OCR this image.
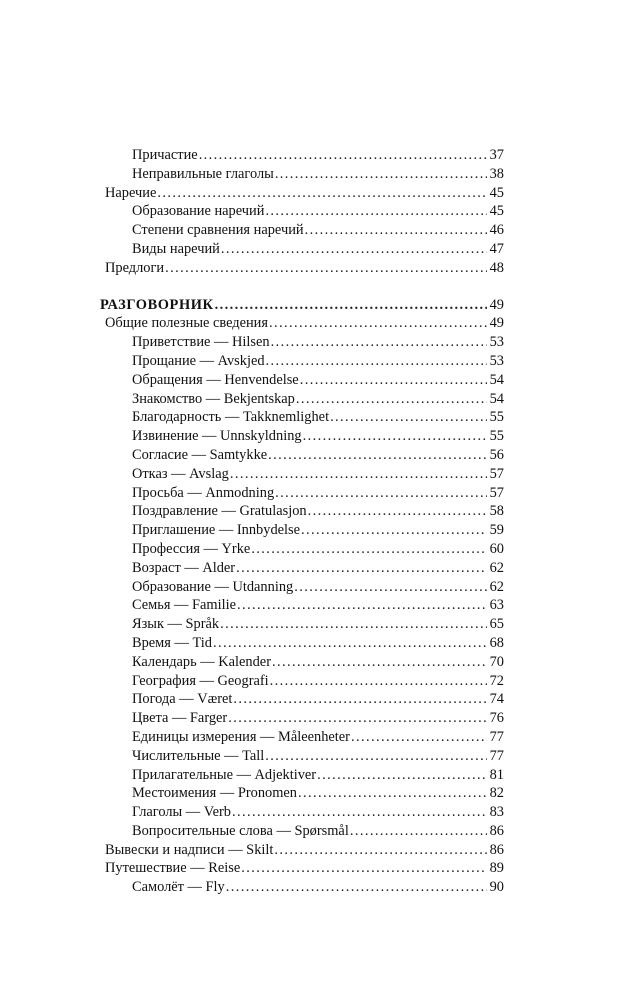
Причастие .....	37
Неправильные глаголы .....	38
Наречие .....	45
Образование наречий .....	45
Степени сравнения наречий .....	46
Виды наречий .....	47
Предлоги .....	48
РАЗГОВОРНИК .....	49
Общие полезные сведения .....	49
Приветствие — Hilsen .....	53
Прощание — Avskjed .....	53
Обращения — Henvendelse .....	54
Знакомство — Bekjentskap .....	54
Благодарность — Takknemlighet .....	55
Извинение — Unnskyldning .....	55
Согласие — Samtykke .....	56
Отказ — Avslag .....	57
Просьба — Anmodning .....	57
Поздравление — Gratulasjon .....	58
Приглашение — Innbydelse .....	59
Профессия — Yrke .....	60
Возраст — Alder .....	62
Образование — Utdanning .....	62
Семья — Familie .....	63
Язык — Språk .....	65
Время — Tid .....	68
Календарь — Kalender .....	70
География — Geografi .....	72
Погода — Været .....	74
Цвета — Farger .....	76
Единицы измерения — Måleenheter .....	77
Числительные — Tall .....	77
Прилагательные — Adjektiver .....	81
Местоимения — Pronomen .....	82
Глаголы — Verb .....	83
Вопросительные слова — Spørsmål .....	86
Вывески и надписи — Skilt .....	86
Путешествие — Reise .....	89
Самолёт — Fly .....	90
